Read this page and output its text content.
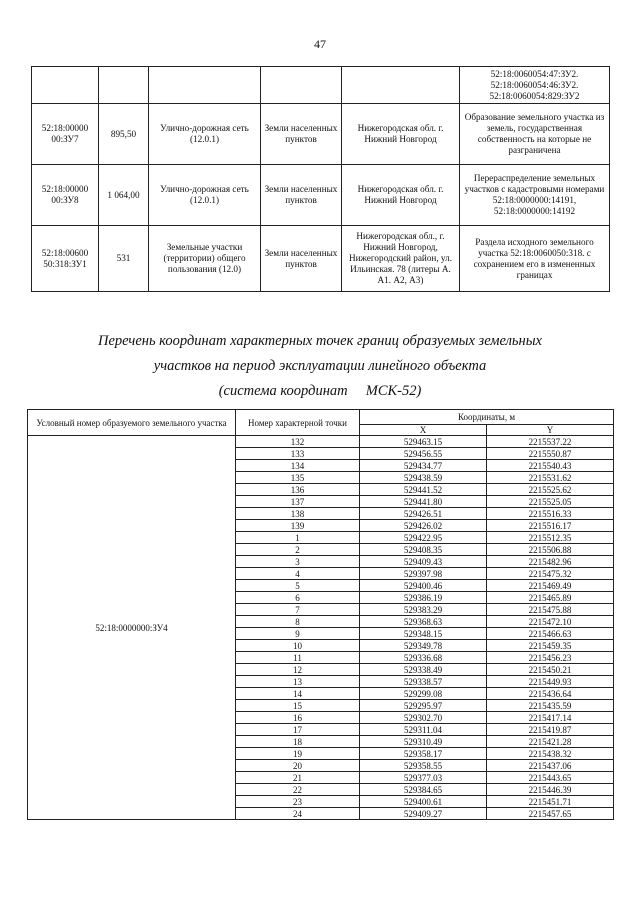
47
					52:18:0060054:47:ЗУ2. 52:18:0060054:46:ЗУ2. 52:18:0060054:829:ЗУ2
52:18:00000 00:ЗУ7	895,50	Улично-дорожная сеть (12.0.1)	Земли населенных пунктов	Нижегородская обл. г. Нижний Новгород	Образование земельного участка из земель, государственная собственность на которые не разграничена
52:18:00000 00:ЗУ8	1 064,00	Улично-дорожная сеть (12.0.1)	Земли населенных пунктов	Нижегородская обл. г. Нижний Новгород	Перераспределение земельных участков с кадастровыми номерами 52:18:0000000:14191, 52:18:0000000:14192
52:18:00600 50:318:ЗУ1	531	Земельные участки (территории) общего пользования (12.0)	Земли населенных пунктов	Нижегородская обл., г. Нижний Новгород, Нижегородский район, ул. Ильинская. 78 (литеры А. А1. А2, А3)	Раздела исходного земельного участка 52:18:0060050:318. с сохранением его в измененных границах
Перечень координат характерных точек границ образуемых земельных
участков на период эксплуатации линейного объекта
(система координат     МСК-52)
Условный номер образуемого земельного участка	Номер характерной точки	Координаты, м	
		X	Y
52:18:0000000:ЗУ4	132	529463.15	2215537.22
	133	529456.55	2215550.87
	134	529434.77	2215540.43
	135	529438.59	2215531.62
	136	529441.52	2215525.62
	137	529441.80	2215525.05
	138	529426.51	2215516.33
	139	529426.02	2215516.17
	1	529422.95	2215512.35
	2	529408.35	2215506.88
	3	529409.43	2215482.96
	4	529397.98	2215475.32
	5	529400.46	2215469.49
	6	529386.19	2215465.89
	7	529383.29	2215475.88
	8	529368.63	2215472.10
	9	529348.15	2215466.63
	10	529349.78	2215459.35
	11	529336.68	2215456.23
	12	529338.49	2215450.21
	13	529338.57	2215449.93
	14	529299.08	2215436.64
	15	529295.97	2215435.59
	16	529302.70	2215417.14
	17	529311.04	2215419.87
	18	529310.49	2215421.28
	19	529358.17	2215438.32
	20	529358.55	2215437.06
	21	529377.03	2215443.65
	22	529384.65	2215446.39
	23	529400.61	2215451.71
	24	529409.27	2215457.65
